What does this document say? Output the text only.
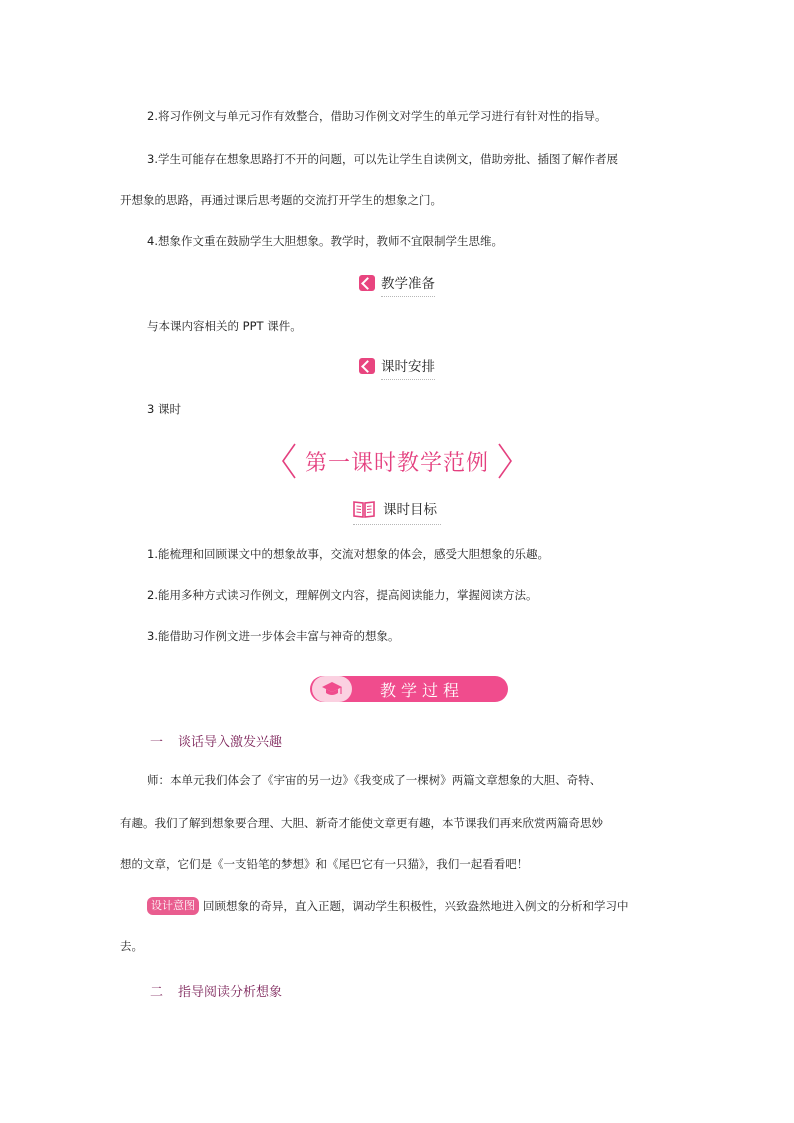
2.将习作例文与单元习作有效整合，借助习作例文对学生的单元学习进行有针对性的指导。
3.学生可能存在想象思路打不开的问题，可以先让学生自读例文，借助旁批、插图了解作者展
开想象的思路，再通过课后思考题的交流打开学生的想象之门。
4.想象作文重在鼓励学生大胆想象。教学时，教师不宜限制学生思维。
教学准备
与本课内容相关的 PPT 课件。
课时安排
3 课时
第一课时教学范例
课时目标
1.能梳理和回顾课文中的想象故事，交流对想象的体会，感受大胆想象的乐趣。
2.能用多种方式读习作例文，理解例文内容，提高阅读能力，掌握阅读方法。
3.能借助习作例文进一步体会丰富与神奇的想象。
教学过程
一 谈话导入激发兴趣
师：本单元我们体会了《宇宙的另一边》《我变成了一棵树》两篇文章想象的大胆、奇特、
有趣。我们了解到想象要合理、大胆、新奇才能使文章更有趣，本节课我们再来欣赏两篇奇思妙
想的文章，它们是《一支铅笔的梦想》和《尾巴它有一只猫》，我们一起看看吧！
设计意图 回顾想象的奇异，直入正题，调动学生积极性，兴致盎然地进入例文的分析和学习中
去。
二 指导阅读分析想象
